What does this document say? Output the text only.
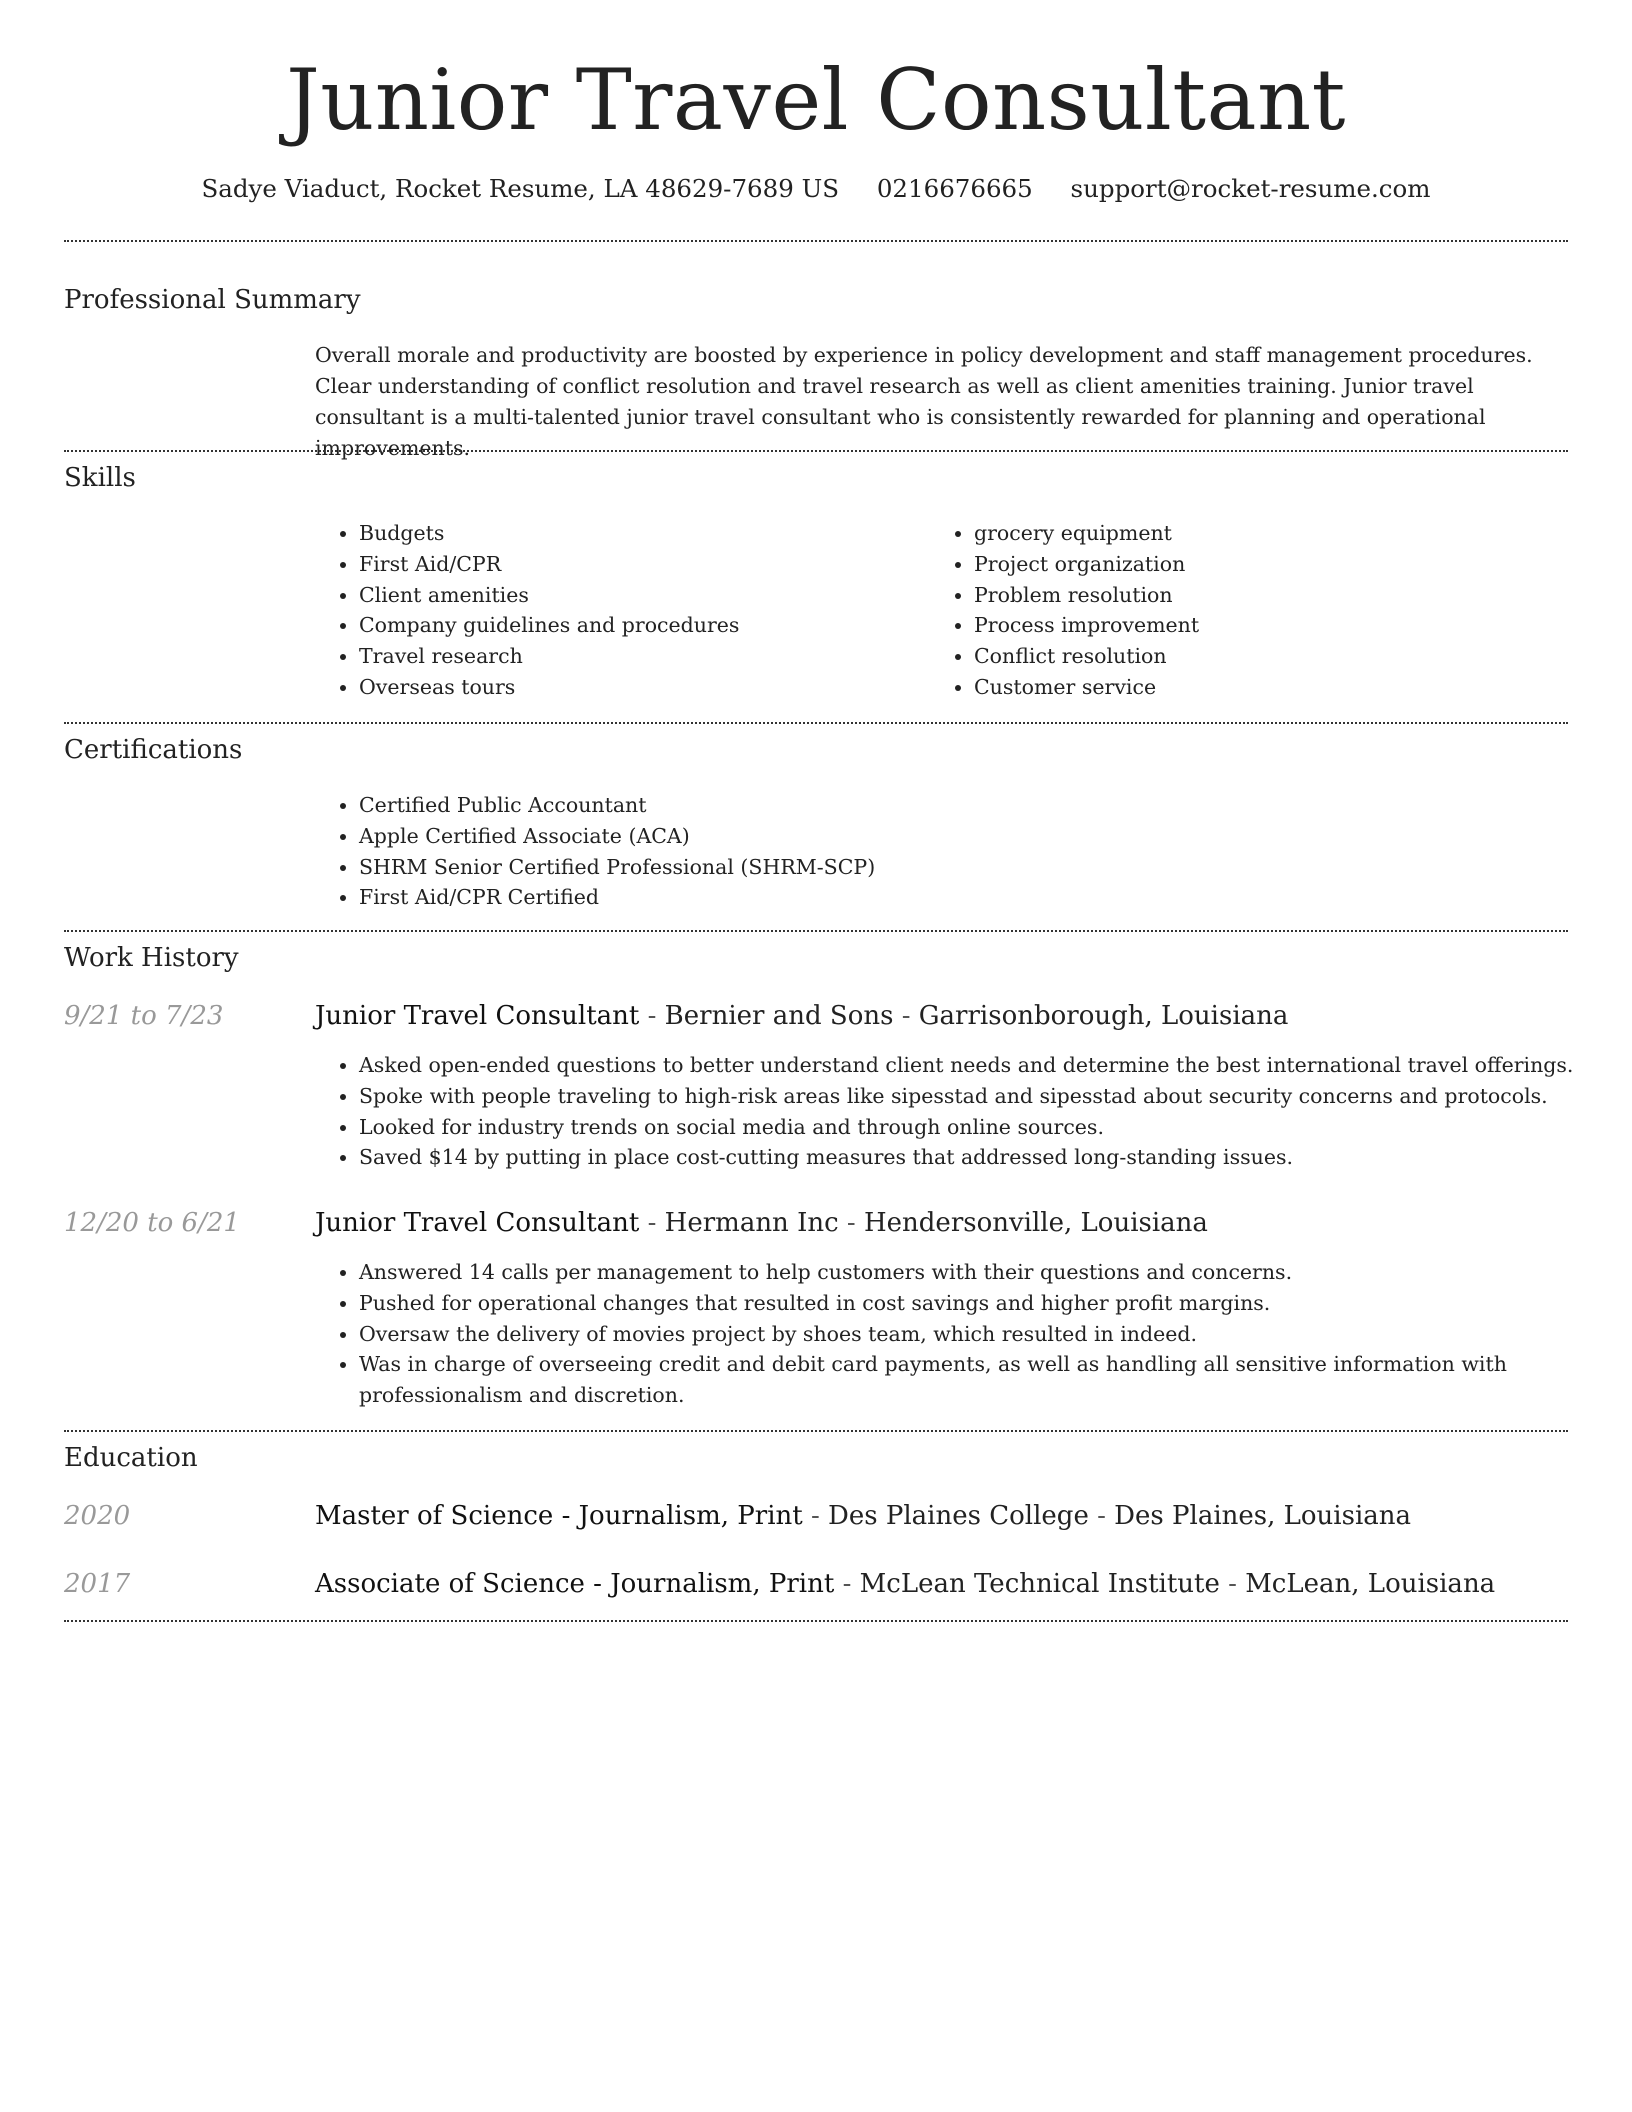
Junior Travel Consultant
Sadye Viaduct, Rocket Resume, LA 48629-7689 US 0216676665 support@rocket-resume.com
Professional Summary
Overall morale and productivity are boosted by experience in policy development and staff management procedures. Clear understanding of conflict resolution and travel research as well as client amenities training. Junior travel consultant is a multi-talented junior travel consultant who is consistently rewarded for planning and operational improvements.
Skills
• Budgets
• First Aid/CPR
• Client amenities
• Company guidelines and procedures
• Travel research
• Overseas tours
• grocery equipment
• Project organization
• Problem resolution
• Process improvement
• Conflict resolution
• Customer service
Certifications
• Certified Public Accountant
• Apple Certified Associate (ACA)
• SHRM Senior Certified Professional (SHRM-SCP)
• First Aid/CPR Certified
Work History
9/21 to 7/23	Junior Travel Consultant - Bernier and Sons - Garrisonborough, Louisiana
• Asked open-ended questions to better understand client needs and determine the best international travel offerings.
• Spoke with people traveling to high-risk areas like sipesstad and sipesstad about security concerns and protocols.
• Looked for industry trends on social media and through online sources.
• Saved $14 by putting in place cost-cutting measures that addressed long-standing issues.
12/20 to 6/21	Junior Travel Consultant - Hermann Inc - Hendersonville, Louisiana
• Answered 14 calls per management to help customers with their questions and concerns.
• Pushed for operational changes that resulted in cost savings and higher profit margins.
• Oversaw the delivery of movies project by shoes team, which resulted in indeed.
• Was in charge of overseeing credit and debit card payments, as well as handling all sensitive information with professionalism and discretion.
Education
2020	Master of Science - Journalism, Print - Des Plaines College - Des Plaines, Louisiana
2017	Associate of Science - Journalism, Print - McLean Technical Institute - McLean, Louisiana
